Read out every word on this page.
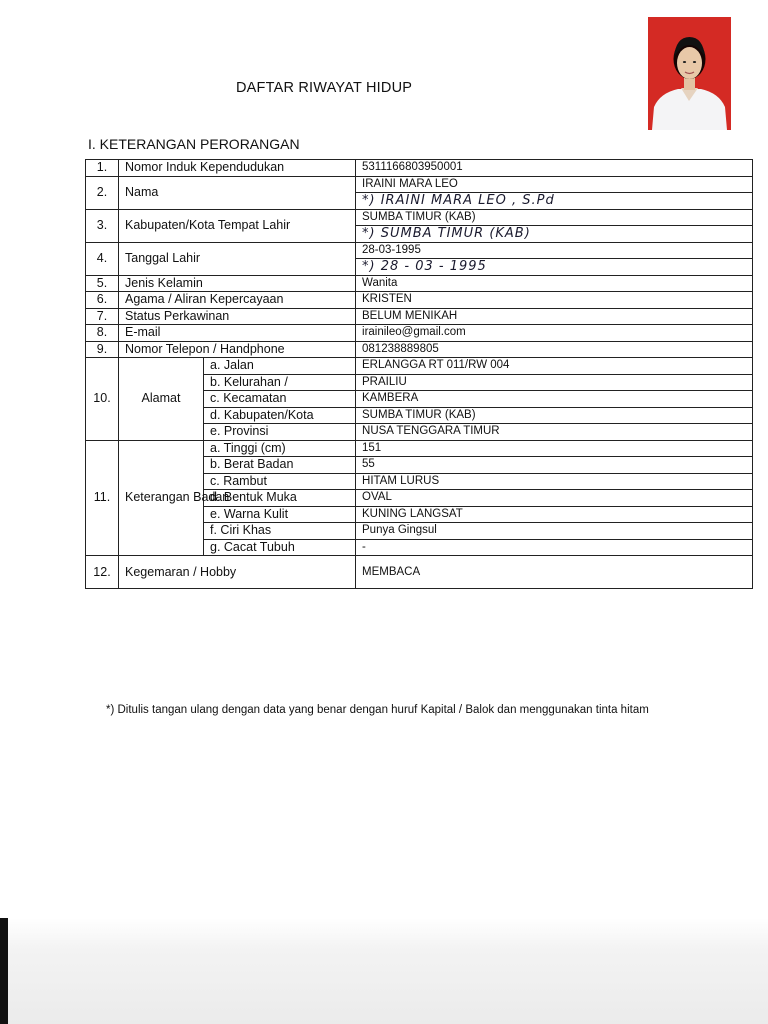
DAFTAR RIWAYAT HIDUP
I. KETERANGAN PERORANGAN
1.	Nomor Induk Kependudukan		5311166803950001
2.	Nama		IRAINI MARA LEO
			*) IRAINI MARA LEO , S.Pd
3.	Kabupaten/Kota Tempat Lahir		SUMBA TIMUR (KAB)
			*) SUMBA TIMUR (KAB)
4.	Tanggal Lahir		28-03-1995
			*) 28 - 03 - 1995
5.	Jenis Kelamin		Wanita
6.	Agama / Aliran Kepercayaan		KRISTEN
7.	Status Perkawinan		BELUM MENIKAH
8.	E-mail		irainileo@gmail.com
9.	Nomor Telepon / Handphone		081238889805
10.	Alamat	a. Jalan	ERLANGGA RT 011/RW 004
		b. Kelurahan /	PRAILIU
		c. Kecamatan	KAMBERA
		d. Kabupaten/Kota	SUMBA TIMUR (KAB)
		e. Provinsi	NUSA TENGGARA TIMUR
11.	Keterangan Badan	a. Tinggi (cm)	151
		b. Berat Badan	55
		c. Rambut	HITAM LURUS
		d. Bentuk Muka	OVAL
		e. Warna Kulit	KUNING LANGSAT
		f. Ciri Khas	Punya Gingsul
		g. Cacat Tubuh	-
12.	Kegemaran / Hobby		MEMBACA
*) Ditulis tangan ulang dengan data yang benar dengan huruf Kapital / Balok dan menggunakan tinta hitam
